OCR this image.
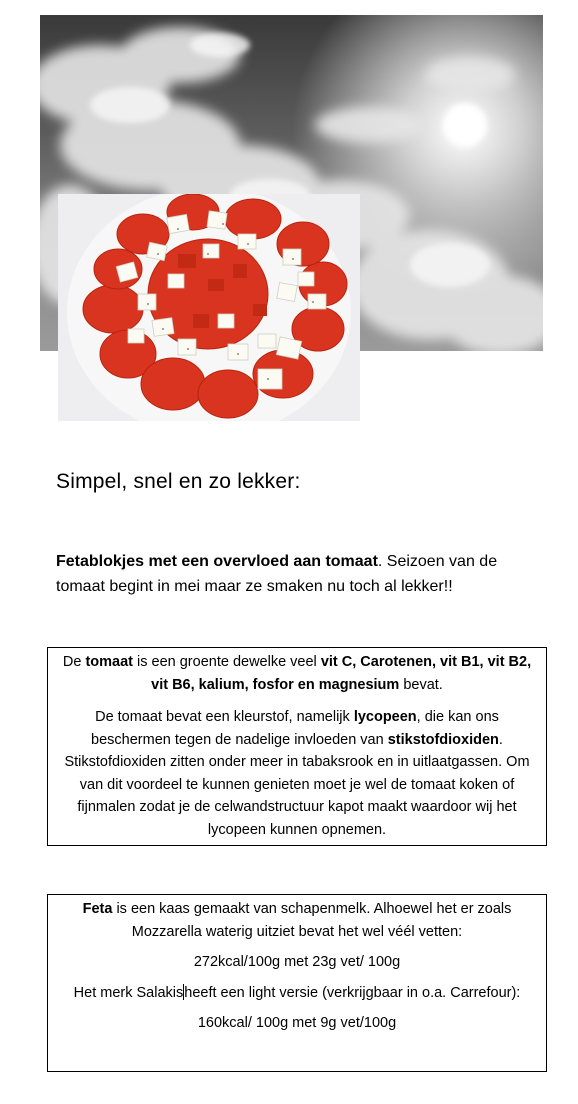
Simpel, snel en zo lekker:
Fetablokjes met een overvloed aan tomaat. Seizoen van de tomaat begint in mei maar ze smaken nu toch al lekker!!

De tomaat is een groente dewelke veel vit C, Carotenen, vit B1, vit B2, vit B6, kalium, fosfor en magnesium bevat.

De tomaat bevat een kleurstof, namelijk lycopeen, die kan ons beschermen tegen de nadelige invloeden van stikstofdioxiden. Stikstofdioxiden zitten onder meer in tabaksrook en in uitlaatgassen. Om van dit voordeel te kunnen genieten moet je wel de tomaat koken of fijnmalen zodat je de celwandstructuur kapot maakt waardoor wij het lycopeen kunnen opnemen.

Feta is een kaas gemaakt van schapenmelk. Alhoewel het er zoals Mozzarella waterig uitziet bevat het wel véél vetten:

272kcal/100g met 23g vet/ 100g

Het merk Salakisheeft een light versie (verkrijgbaar in o.a. Carrefour):

160kcal/ 100g met 9g vet/100g
